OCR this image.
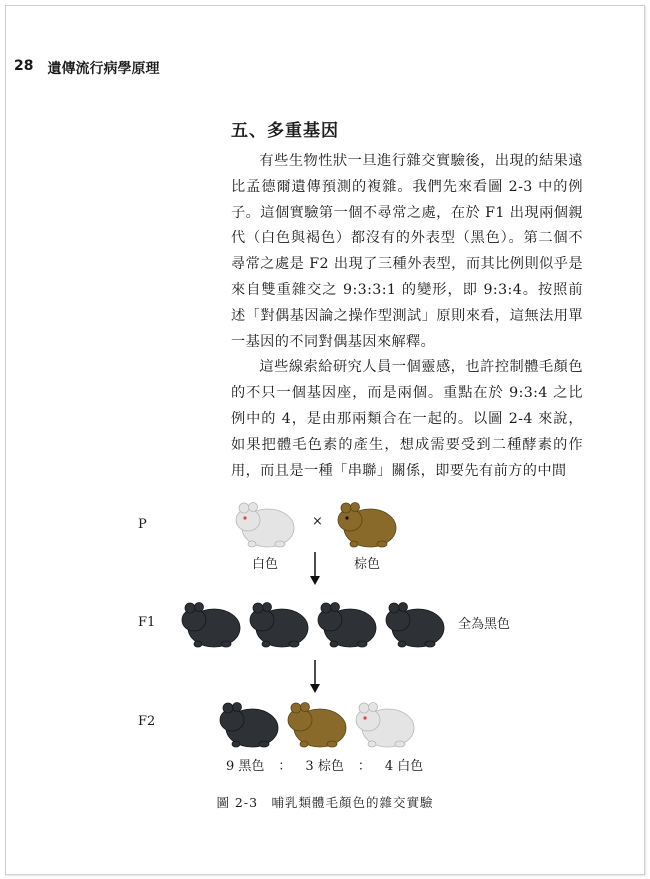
28 遺傳流行病學原理
五、多重基因

有些生物性狀一旦進行雜交實驗後，出現的結果遠比孟德爾遺傳預測的複雜。我們先來看圖 2-3 中的例子。這個實驗第一個不尋常之處，在於 F1 出現兩個親代（白色與褐色）都沒有的外表型（黑色）。第二個不尋常之處是 F2 出現了三種外表型，而其比例則似乎是來自雙重雜交之 9:3:3:1 的變形，即 9:3:4。按照前述「對偶基因論之操作型測試」原則來看，這無法用單一基因的不同對偶基因來解釋。

這些線索給研究人員一個靈感，也許控制體毛顏色的不只一個基因座，而是兩個。重點在於 9:3:4 之比例中的 4，是由那兩類合在一起的。以圖 2-4 來說，如果把體毛色素的產生，想成需要受到二種酵素的作用，而且是一種「串聯」關係，即要先有前方的中間

P	×
白色	棕色
F1	全為黑色
F2
9 黑色 ： 3 棕色 ： 4 白色
圖 2-3　哺乳類體毛顏色的雜交實驗
